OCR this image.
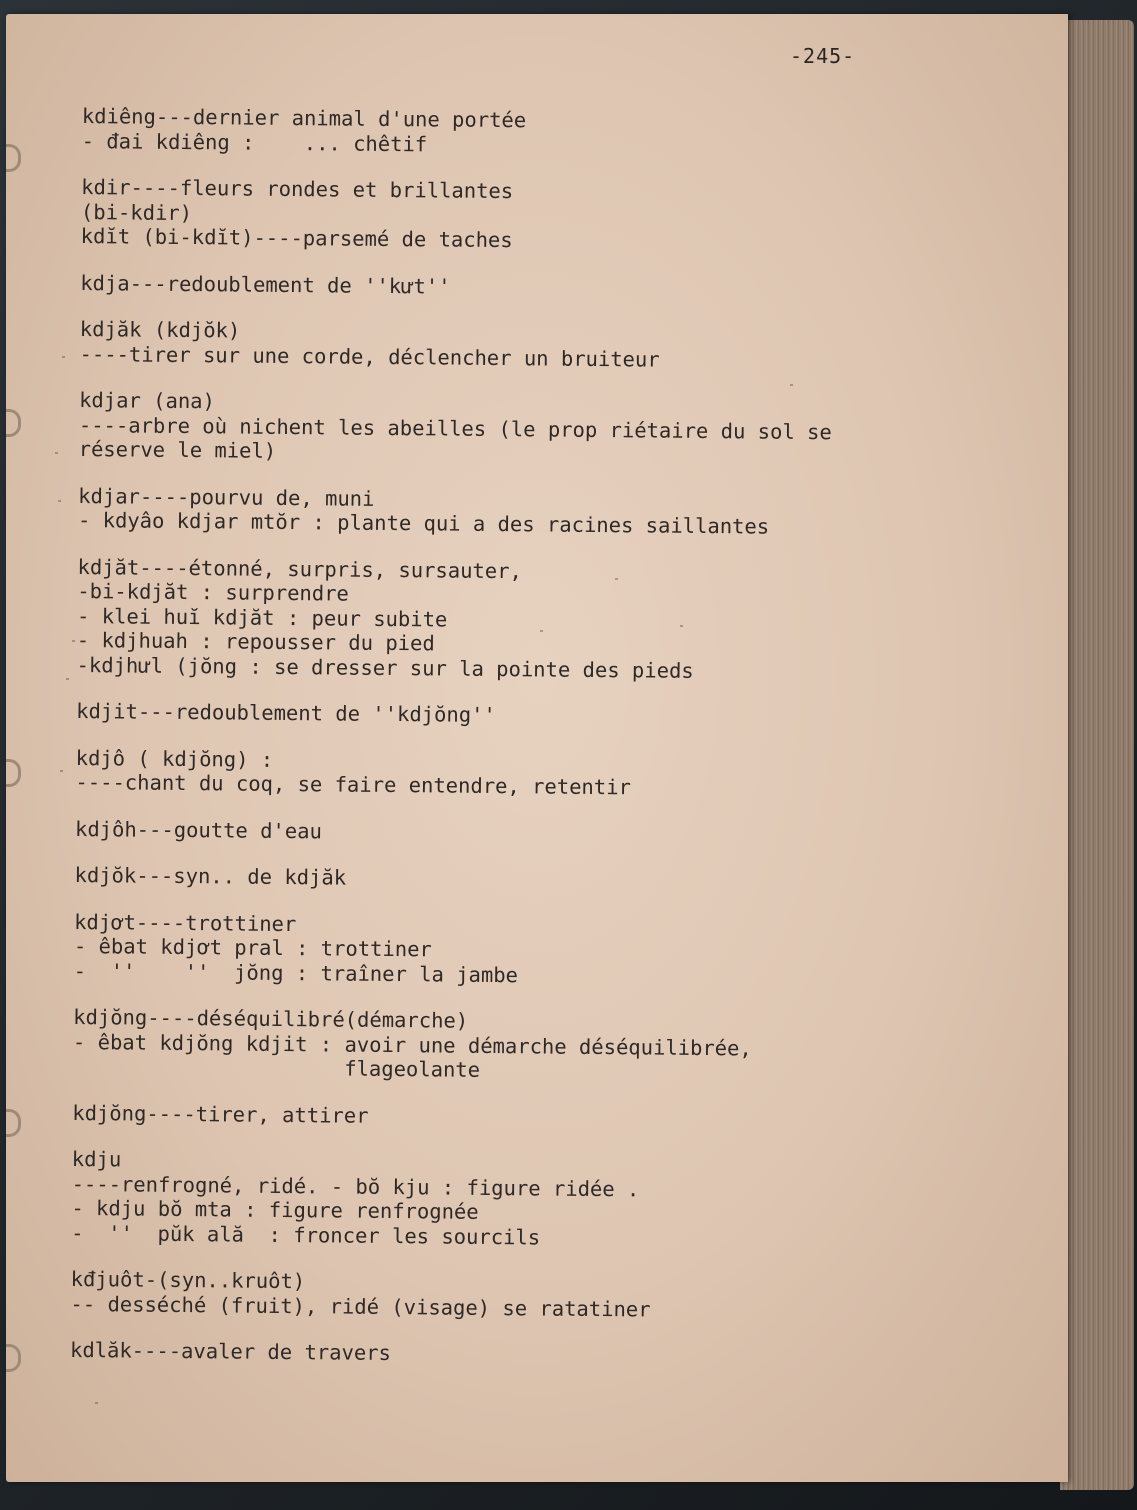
-245-
kdiêng---dernier animal d'une portée
- đai kdiêng :    ... chêtif
kdir----fleurs rondes et brillantes
(bi-kdir)
kdĭt (bi-kdĭt)----parsemé de taches
kdja---redoublement de ''kưt''
kdjăk (kdjŏk)
----tirer sur une corde, déclencher un bruiteur
kdjar (ana)
----arbre où nichent les abeilles (le prop riétaire du sol se
réserve le miel)
kdjar----pourvu de, muni
- kdyâo kdjar mtŏr : plante qui a des racines saillantes
kdjăt----étonné, surpris, sursauter,
-bi-kdjăt : surprendre
- klei huĭ kdjăt : peur subite
- kdjhuah : repousser du pied
-kdjhưl (jŏng : se dresser sur la pointe des pieds
kdjit---redoublement de ''kdjŏng''
kdjô ( kdjŏng) :
----chant du coq, se faire entendre, retentir
kdjôh---goutte d'eau
kdjŏk---syn.. de kdjăk
kdjơt----trottiner
- êbat kdjơt pral : trottiner
-  ''    ''  jŏng : traîner la jambe
kdjŏng----déséquilibré(démarche)
- êbat kdjŏng kdjit : avoir une démarche déséquilibrée,
flageolante
kdjŏng----tirer, attirer
kdju
----renfrogné, ridé. - bŏ kju : figure ridée .
- kdju bŏ mta : figure renfrognée
-  ''  pŭk ală  : froncer les sourcils
kđjuôt-(syn..kruôt)
-- desséché (fruit), ridé (visage) se ratatiner
kdlăk----avaler de travers
